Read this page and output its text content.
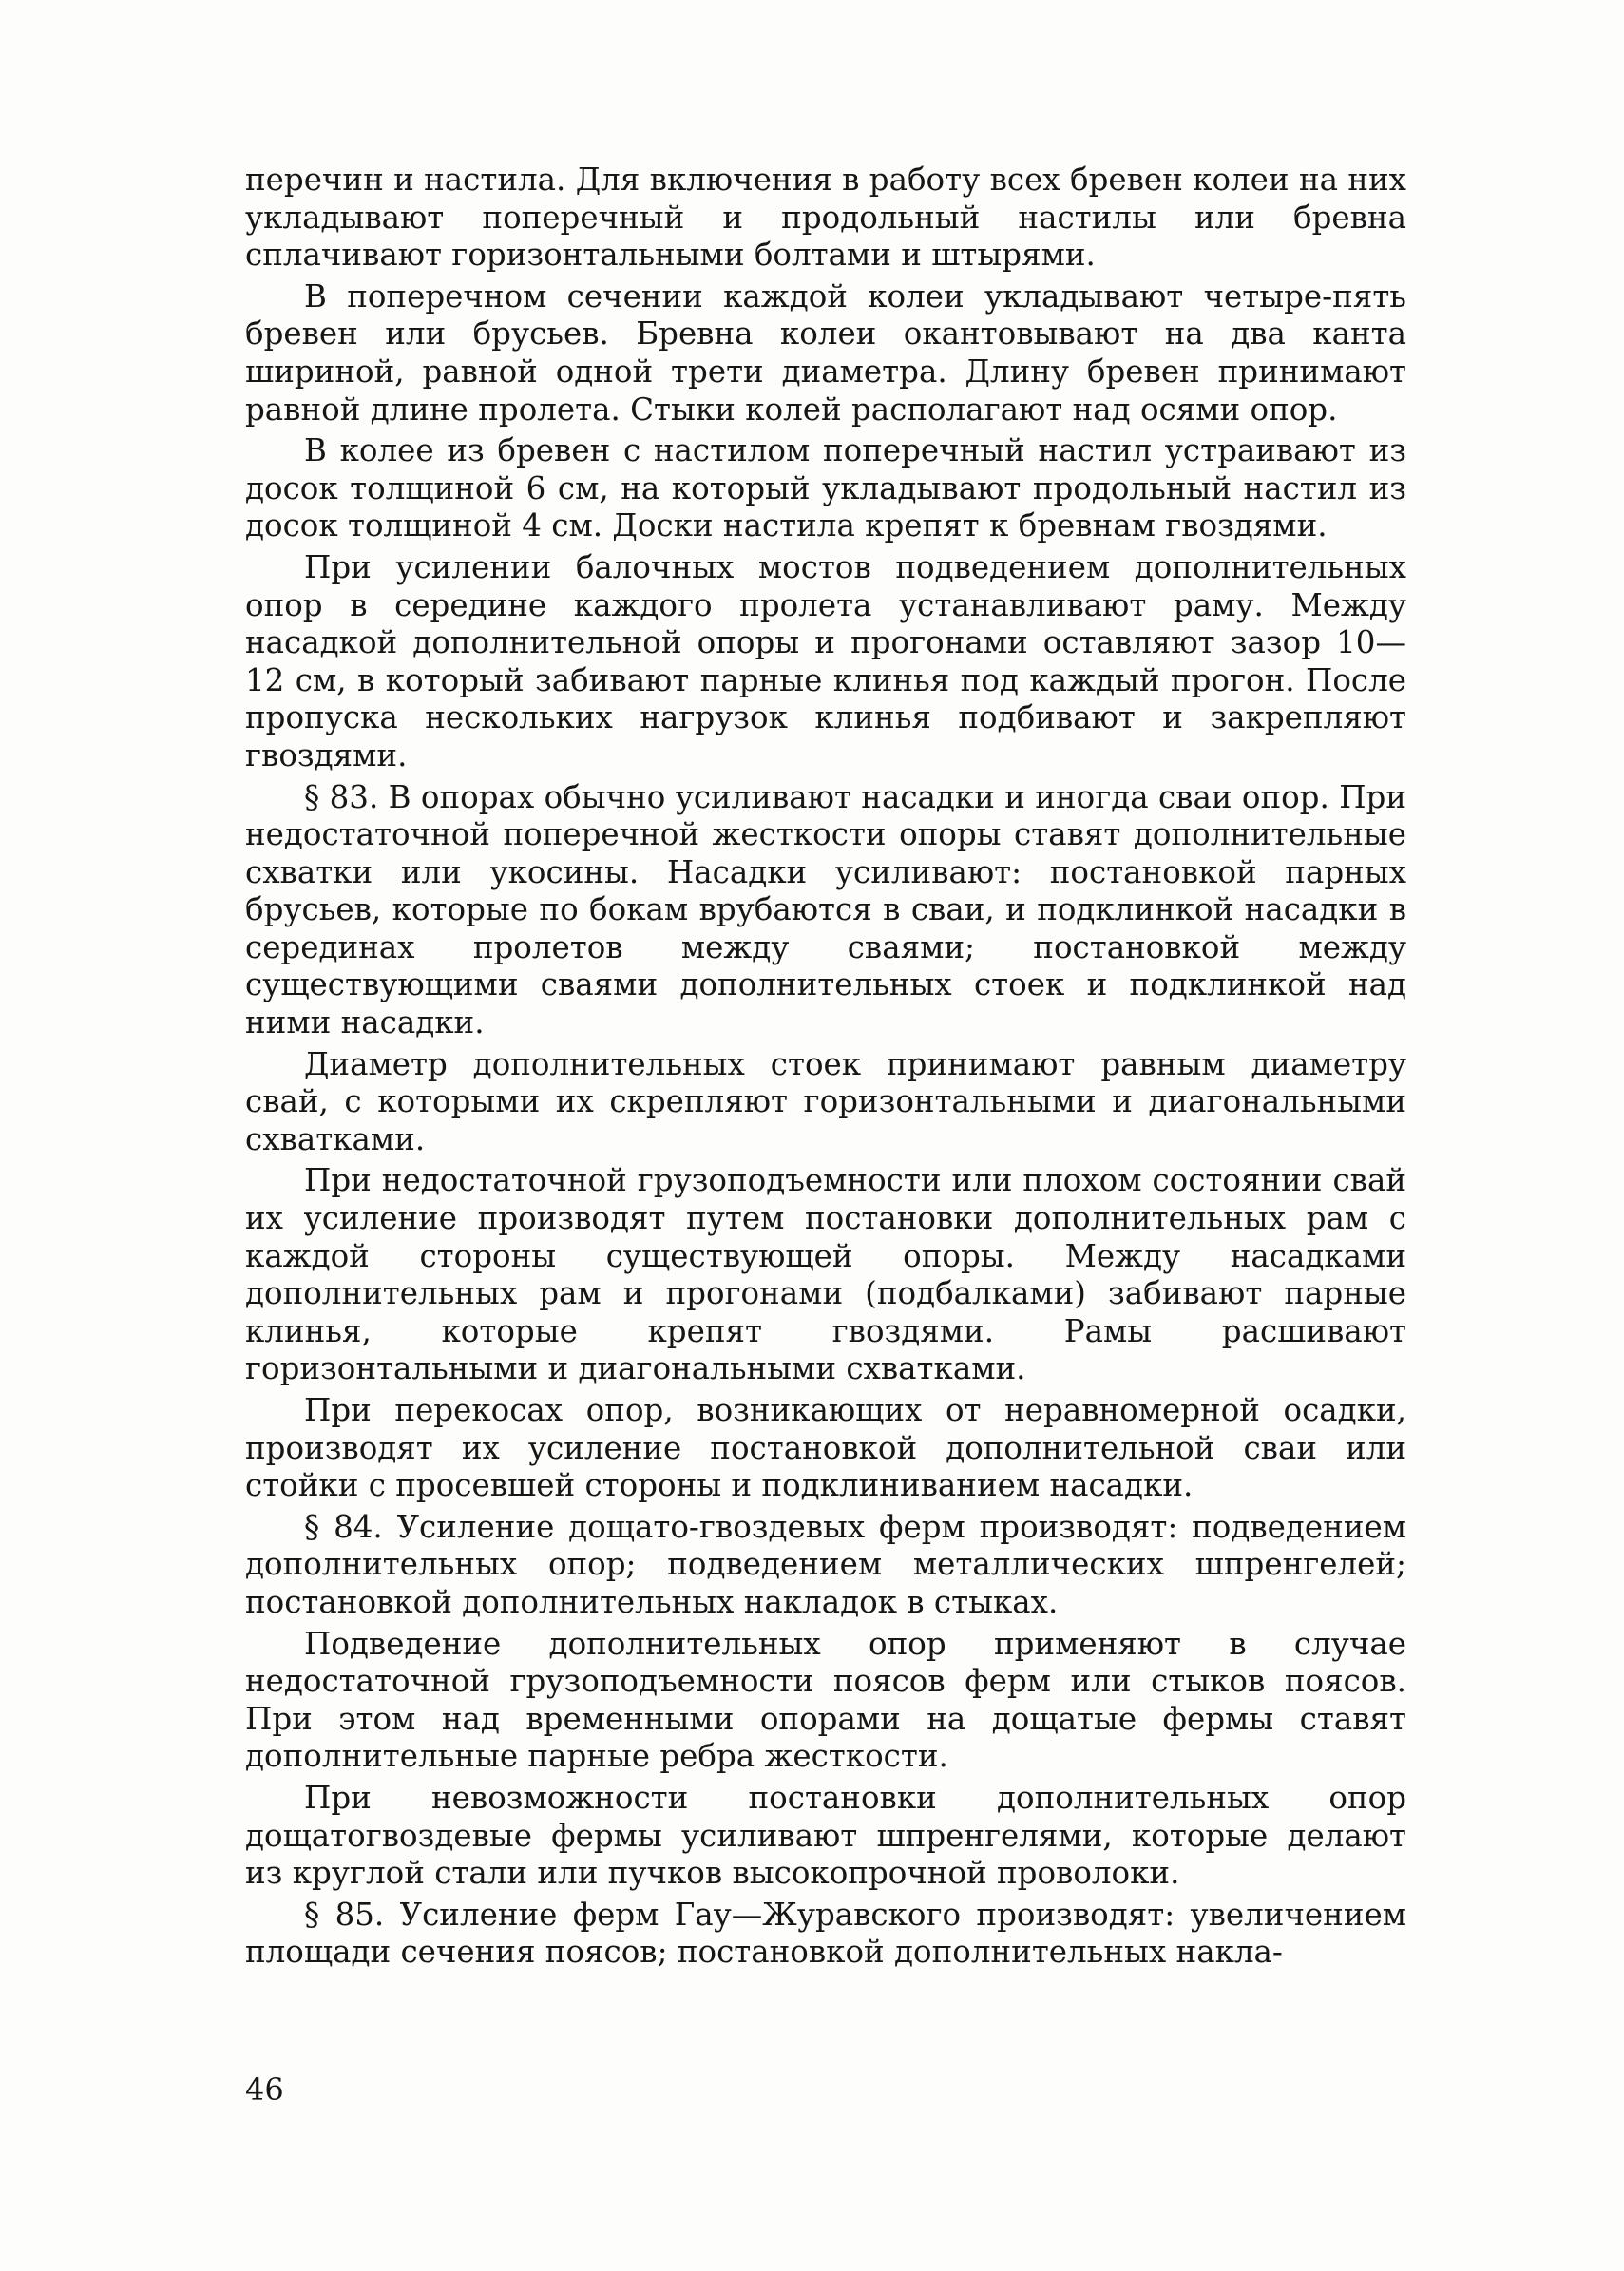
перечин и настила. Для включения в работу всех бревен колеи на них укладывают поперечный и продольный настилы или бревна сплачивают горизонтальными болтами и штырями.

В поперечном сечении каждой колеи укладывают четыре-пять бревен или брусьев. Бревна колеи окантовывают на два канта шириной, равной одной трети диаметра. Длину бревен принимают равной длине пролета. Стыки колей располагают над осями опор.

В колее из бревен с настилом поперечный настил устраивают из досок толщиной 6 см, на который укладывают продольный настил из досок толщиной 4 см. Доски настила крепят к бревнам гвоздями.

При усилении балочных мостов подведением дополнительных опор в середине каждого пролета устанавливают раму. Между насадкой дополнительной опоры и прогонами оставляют зазор 10—12 см, в который забивают парные клинья под каждый прогон. После пропуска нескольких нагрузок клинья подбивают и закрепляют гвоздями.

§ 83. В опорах обычно усиливают насадки и иногда сваи опор. При недостаточной поперечной жесткости опоры ставят дополнительные схватки или укосины. Насадки усиливают: постановкой парных брусьев, которые по бокам врубаются в сваи, и подклинкой насадки в серединах пролетов между сваями; постановкой между существующими сваями дополнительных стоек и подклинкой над ними насадки.

Диаметр дополнительных стоек принимают равным диаметру свай, с которыми их скрепляют горизонтальными и диагональными схватками.

При недостаточной грузоподъемности или плохом состоянии свай их усиление производят путем постановки дополнительных рам с каждой стороны существующей опоры. Между насадками дополнительных рам и прогонами (подбалками) забивают парные клинья, которые крепят гвоздями. Рамы расшивают горизонтальными и диагональными схватками.

При перекосах опор, возникающих от неравномерной осадки, производят их усиление постановкой дополнительной сваи или стойки с просевшей стороны и подклиниванием насадки.

§ 84. Усиление дощато-гвоздевых ферм производят: подведением дополнительных опор; подведением металлических шпренгелей; постановкой дополнительных накладок в стыках.

Подведение дополнительных опор применяют в случае недостаточной грузоподъемности поясов ферм или стыков поясов. При этом над временными опорами на дощатые фермы ставят дополнительные парные ребра жесткости.

При невозможности постановки дополнительных опор дощатогвоздевые фермы усиливают шпренгелями, которые делают из круглой стали или пучков высокопрочной проволоки.

§ 85. Усиление ферм Гау—Журавского производят: увеличением площади сечения поясов; постановкой дополнительных накла-

46
